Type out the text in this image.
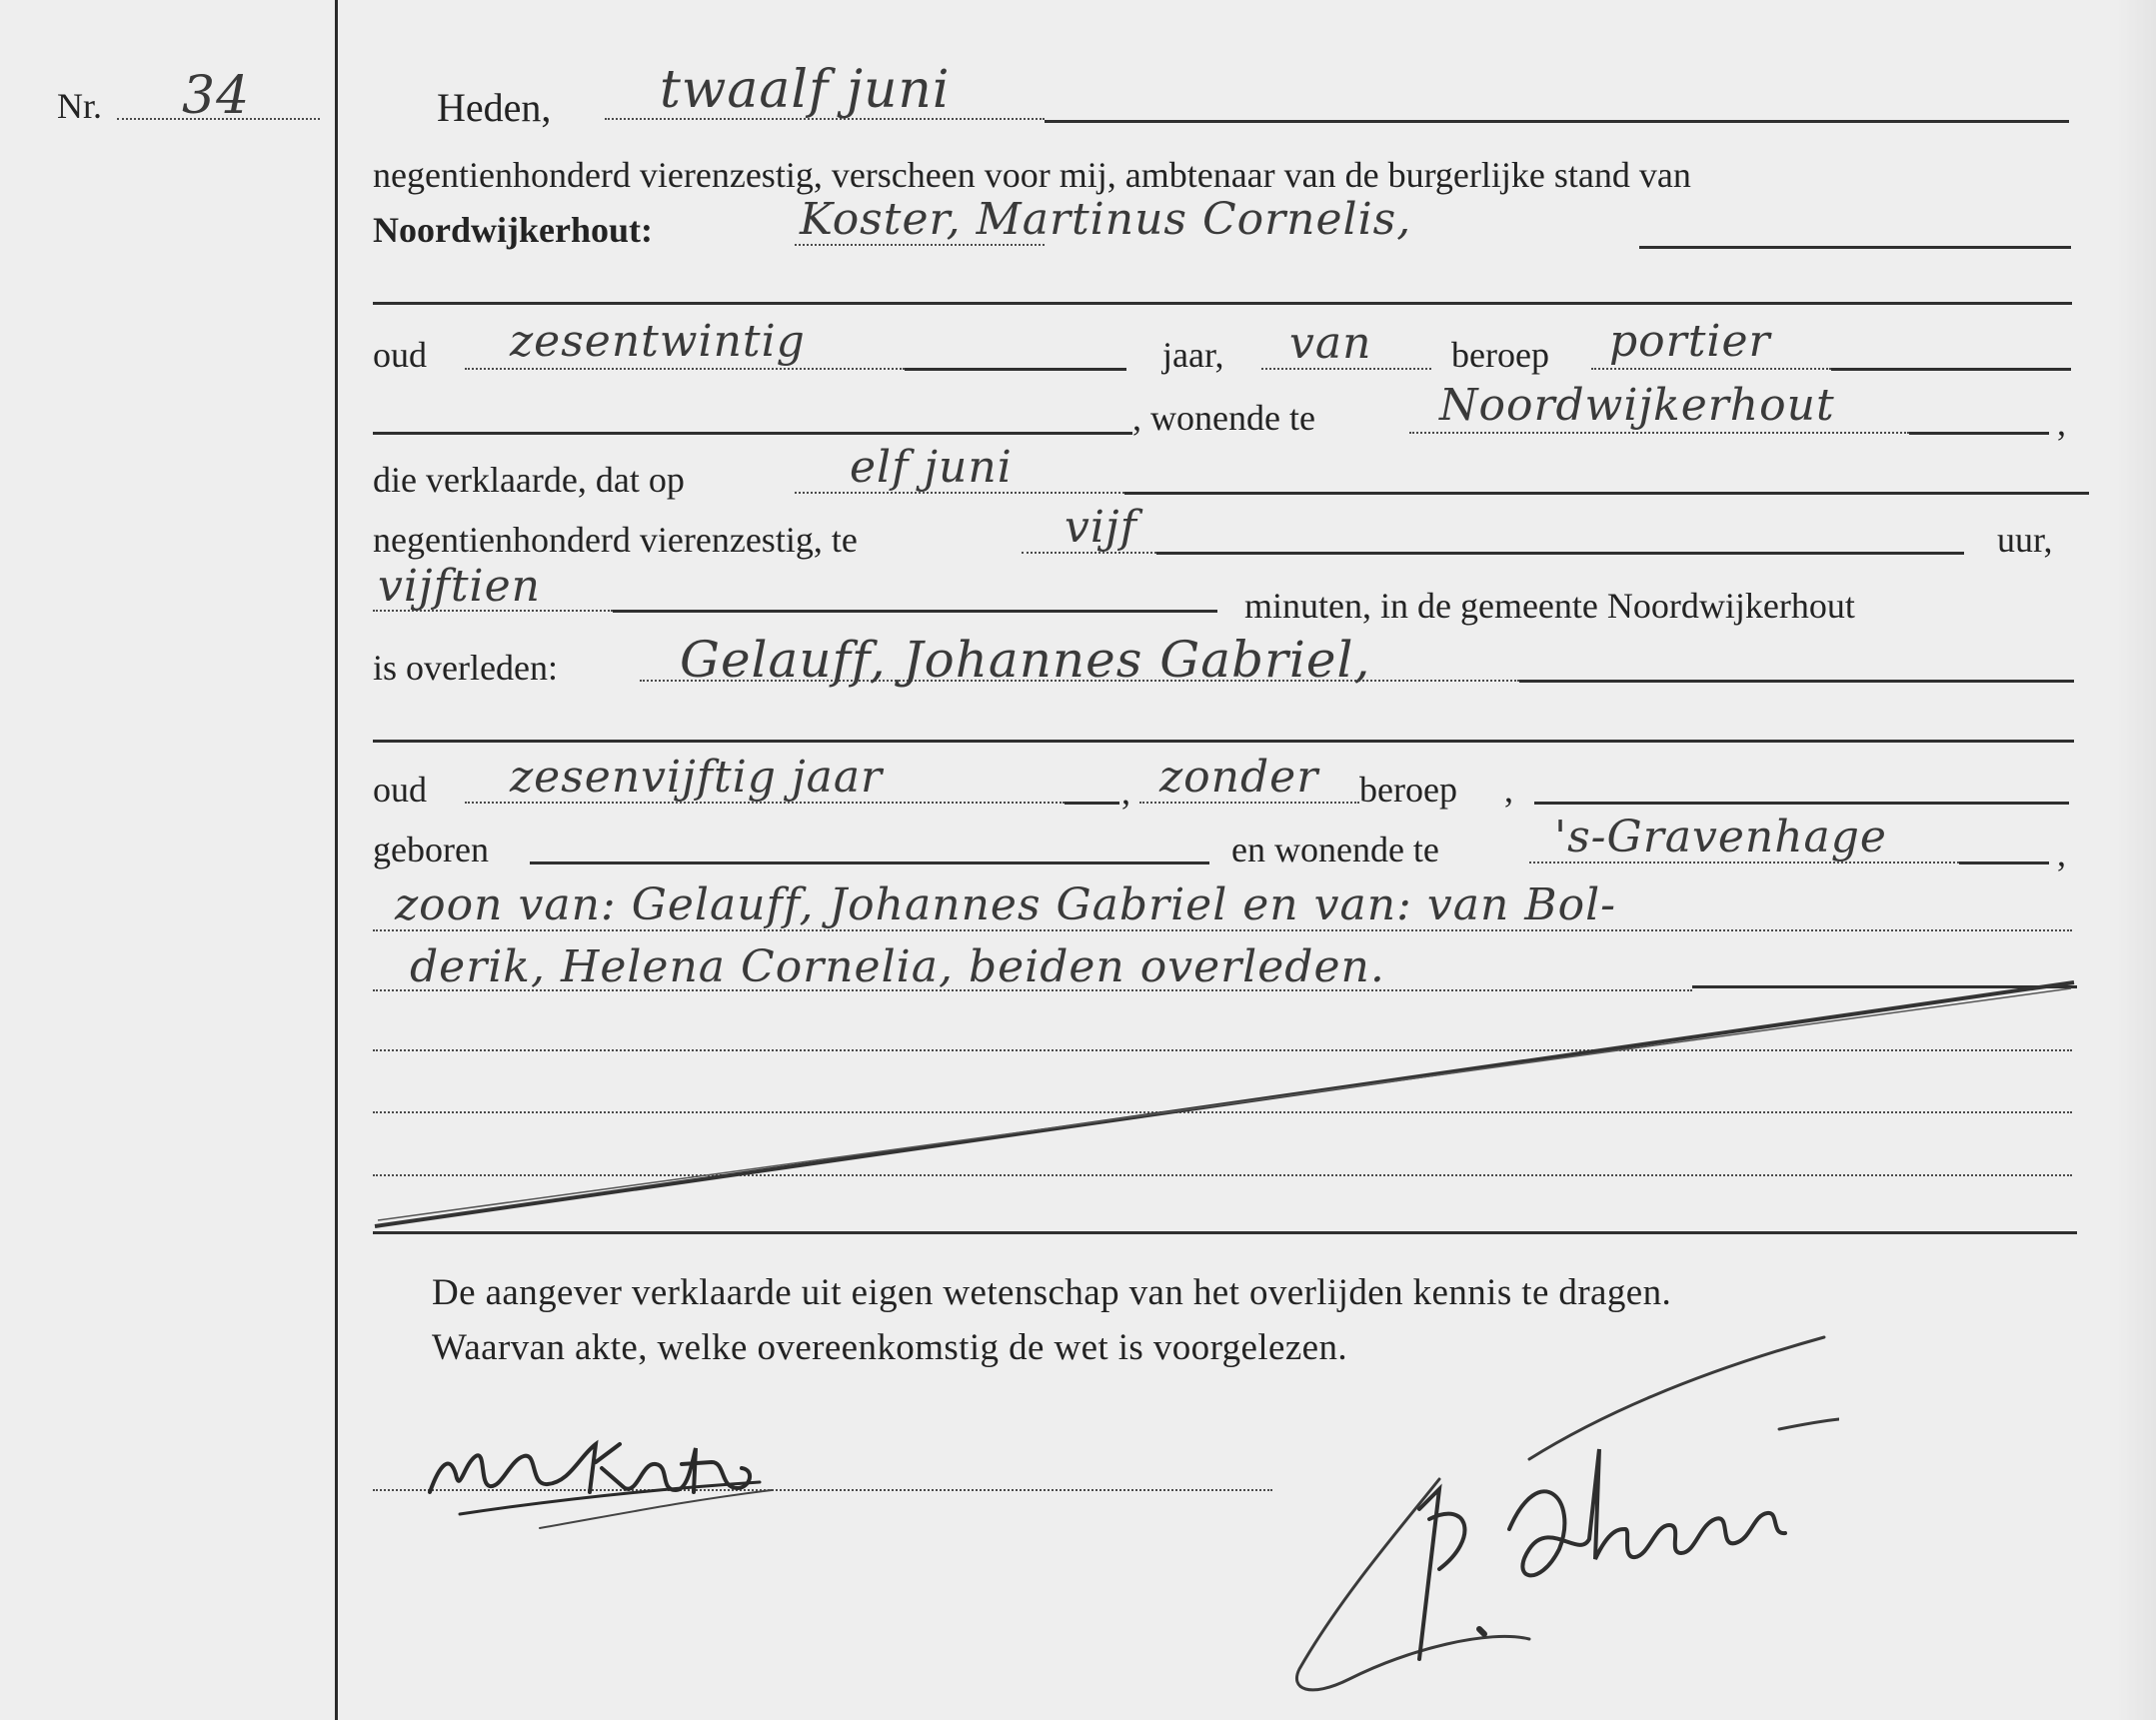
Nr. 34	Heden, twaalf juni
negentienhonderd vierenzestig, verscheen voor mij, ambtenaar van de burgerlijke stand van
Noordwijkerhout:	Koster, Martinus Cornelis,
oud zesentwintig	jaar, van beroep portier
, wonende te	,
Noordwijkerhout
die verklaarde, dat op	elf juni
negentienhonderd vierenzestig, te	vijf	uur,
vijftien	minuten, in de gemeente Noordwijkerhout
is overleden: Gelauff, Johannes Gabriel,
oud zesenvijftig jaar	, zonder beroep ,
geboren	en wonende te	,
's-Gravenhage
zoon van: Gelauff, Johannes Gabriel en van: van Bol-
derik, Helena Cornelia, beiden overleden.
De aangever verklaarde uit eigen wetenschap van het overlijden kennis te dragen.
Waarvan akte, welke overeenkomstig de wet is voorgelezen.
